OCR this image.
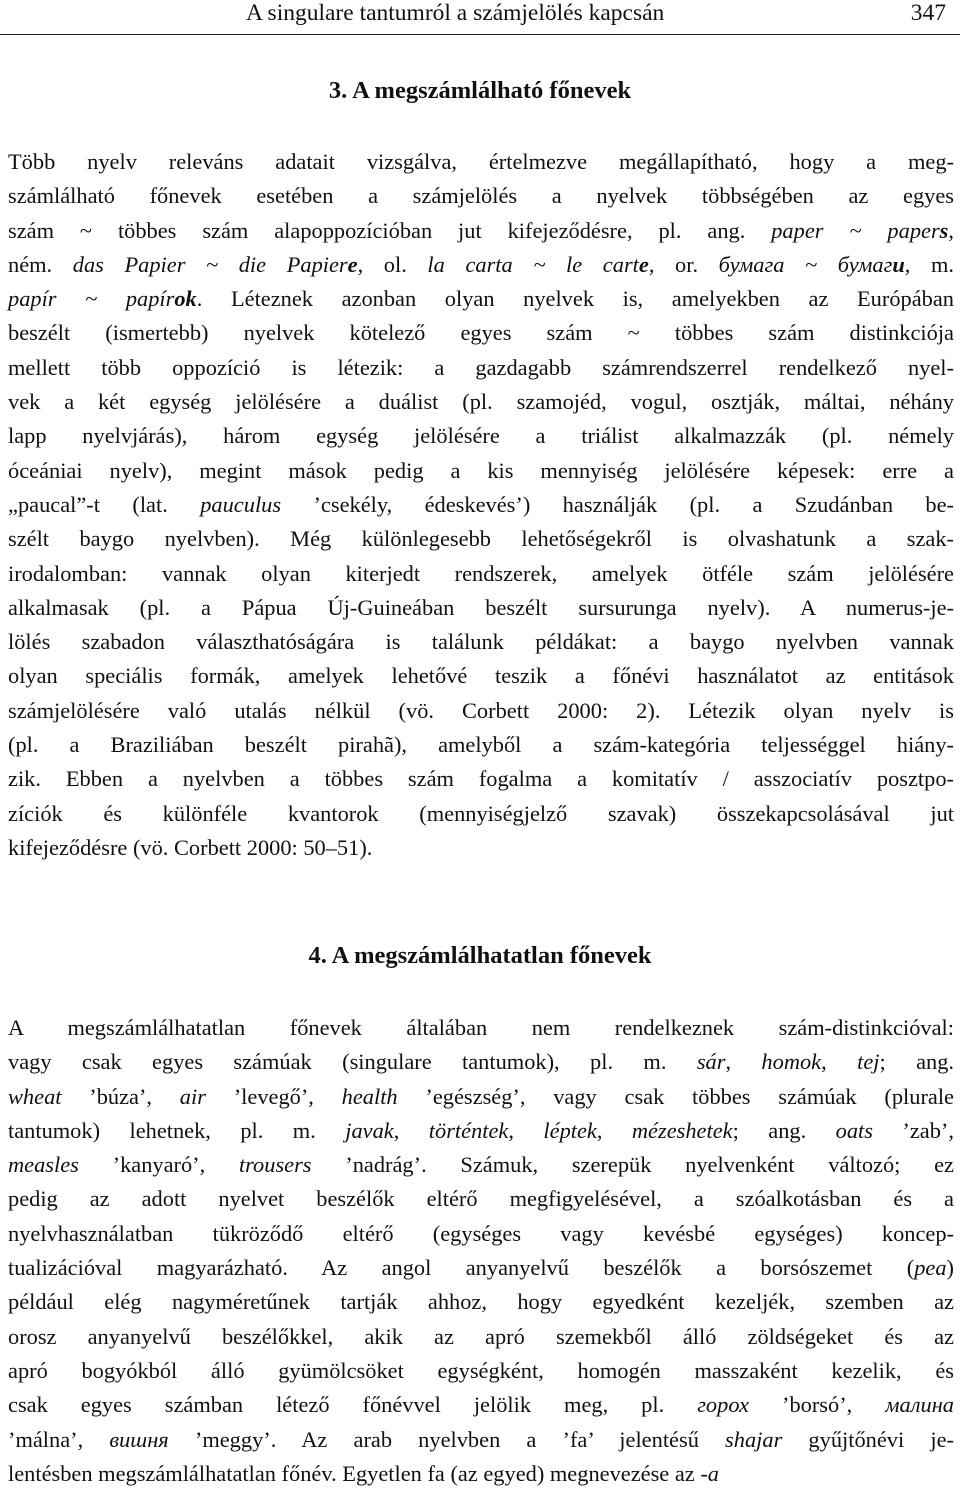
A singulare tantumról a számjelölés kapcsán	347
3. A megszámlálható főnevek
Több nyelv releváns adatait vizsgálva, értelmezve megállapítható, hogy a meg-
számlálható főnevek esetében a számjelölés a nyelvek többségében az egyes
szám ~ többes szám alapoppozícióban jut kifejeződésre, pl. ang. paper ~ papers,
ném. das Papier ~ die Papiere, ol. la carta ~ le carte, or. бумага ~ бумаги, m.
papír ~ papírok. Léteznek azonban olyan nyelvek is, amelyekben az Európában
beszélt (ismertebb) nyelvek kötelező egyes szám ~ többes szám distinkciója
mellett több oppozíció is létezik: a gazdagabb számrendszerrel rendelkező nyel-
vek a két egység jelölésére a duálist (pl. szamojéd, vogul, osztják, máltai, néhány
lapp nyelvjárás), három egység jelölésére a triálist alkalmazzák (pl. némely
óceániai nyelv), megint mások pedig a kis mennyiség jelölésére képesek: erre a
„paucal”-t (lat. pauculus ’csekély, édeskevés’) használják (pl. a Szudánban be-
szélt baygo nyelvben). Még különlegesebb lehetőségekről is olvashatunk a szak-
irodalomban: vannak olyan kiterjedt rendszerek, amelyek ötféle szám jelölésére
alkalmasak (pl. a Pápua Új-Guineában beszélt sursurunga nyelv). A numerus-je-
lölés szabadon választhatóságára is találunk példákat: a baygo nyelvben vannak
olyan speciális formák, amelyek lehetővé teszik a főnévi használatot az entitások
számjelölésére való utalás nélkül (vö. Corbett 2000: 2). Létezik olyan nyelv is
(pl. a Braziliában beszélt pirahã), amelyből a szám-kategória teljességgel hiány-
zik. Ebben a nyelvben a többes szám fogalma a komitatív / asszociatív posztpo-
zíciók és különféle kvantorok (mennyiségjelző szavak) összekapcsolásával jut
kifejeződésre (vö. Corbett 2000: 50–51).
4. A megszámlálhatatlan főnevek
A megszámlálhatatlan főnevek általában nem rendelkeznek szám-distinkcióval:
vagy csak egyes számúak (singulare tantumok), pl. m. sár, homok, tej; ang.
wheat ’búza’, air ’levegő’, health ’egészség’, vagy csak többes számúak (plurale
tantumok) lehetnek, pl. m. javak, történtek, léptek, mézeshetek; ang. oats ’zab’,
measles ’kanyaró’, trousers ’nadrág’. Számuk, szerepük nyelvenként változó; ez
pedig az adott nyelvet beszélők eltérő megfigyelésével, a szóalkotásban és a
nyelvhasználatban tükröződő eltérő (egységes vagy kevésbé egységes) koncep-
tualizációval magyarázható. Az angol anyanyelvű beszélők a borsószemet (pea)
például elég nagyméretűnek tartják ahhoz, hogy egyedként kezeljék, szemben az
orosz anyanyelvű beszélőkkel, akik az apró szemekből álló zöldségeket és az
apró bogyókból álló gyümölcsöket egységként, homogén masszaként kezelik, és
csak egyes számban létező főnévvel jelölik meg, pl. горох ’borsó’, малина
’málna’, вишня ’meggy’. Az arab nyelvben a ’fa’ jelentésű shajar gyűjtőnévi je-
lentésben megszámlálhatatlan főnév. Egyetlen fa (az egyed) megnevezése az -a
